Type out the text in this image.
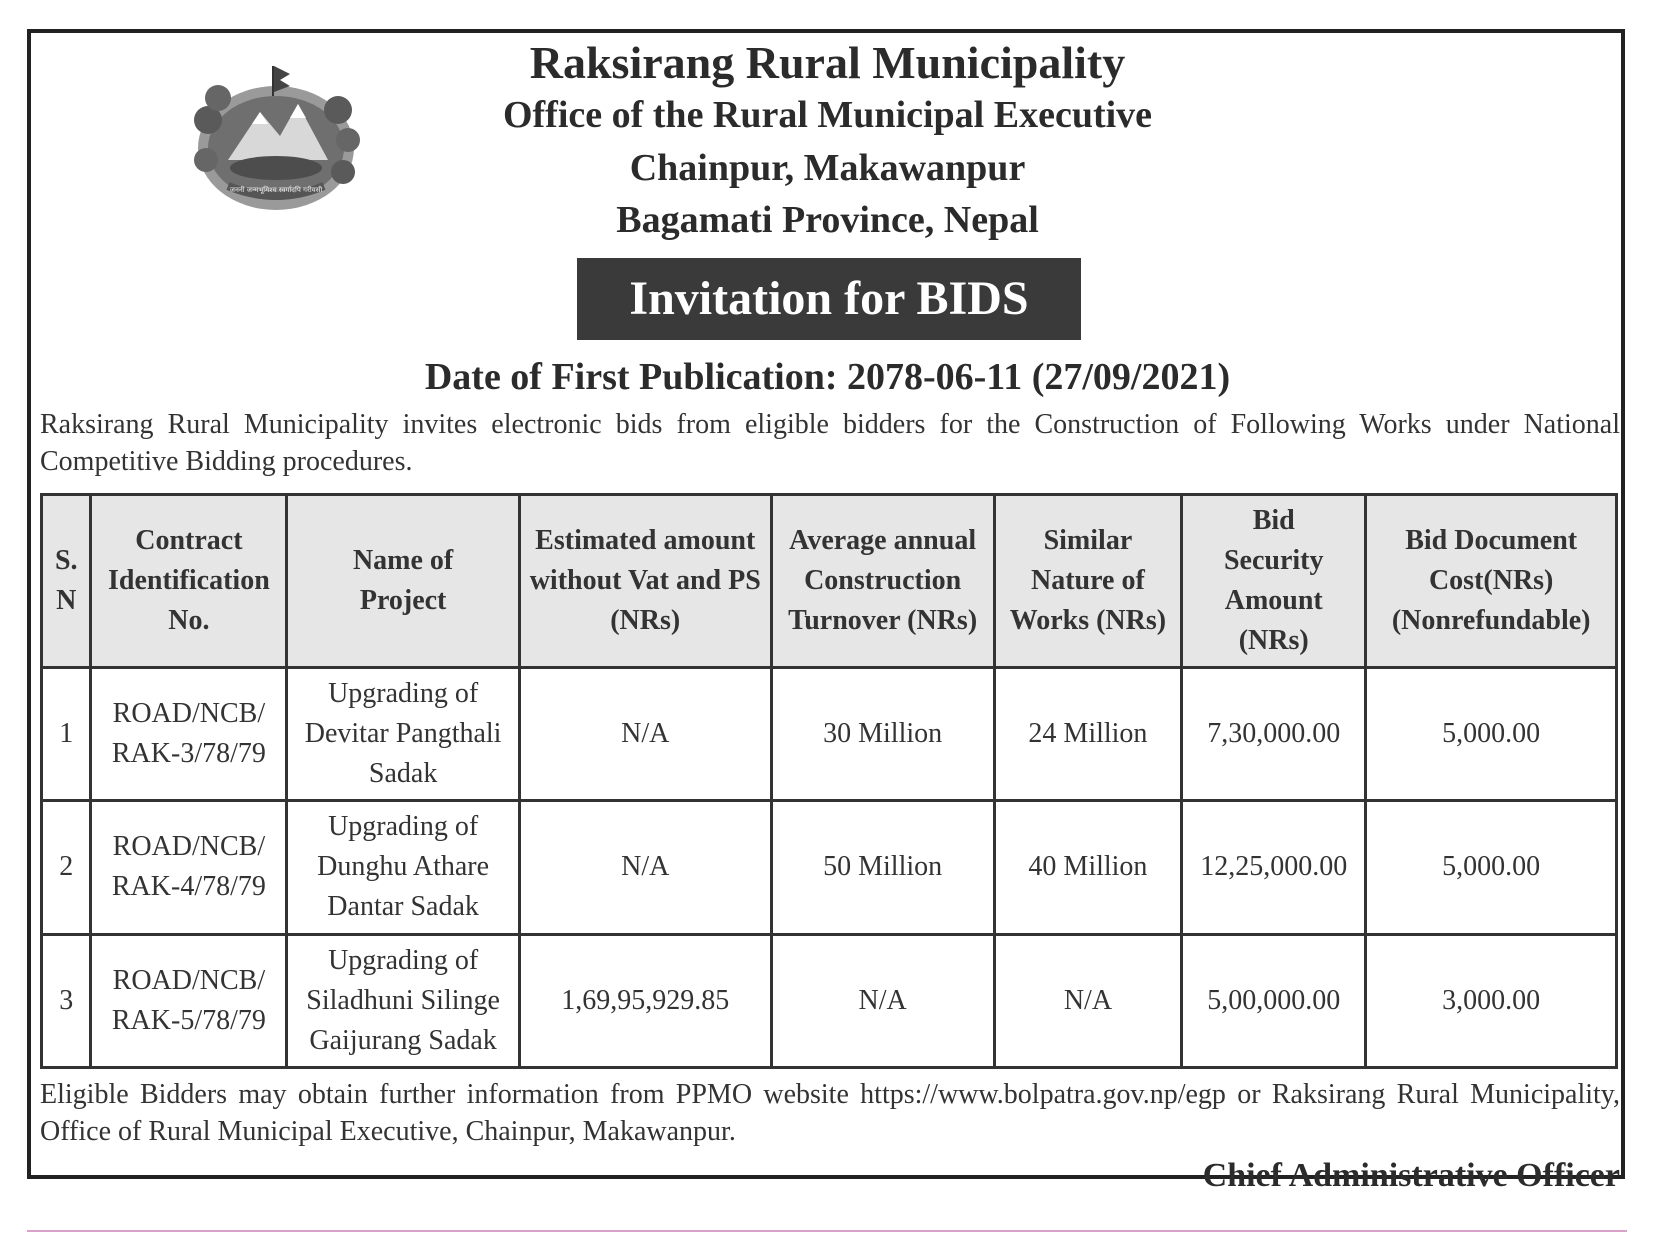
जननी जन्मभूमिश्च स्वर्गादपि गरीयसी
Raksirang Rural Municipality
Office of the Rural Municipal Executive
Chainpur, Makawanpur
Bagamati Province, Nepal
Invitation for BIDS
Date of First Publication: 2078-06-11 (27/09/2021)
Raksirang Rural Municipality invites electronic bids from eligible bidders for the Construction of Following Works under National Competitive Bidding procedures.
S. N	Contract Identification No.	Name of Project	Estimated amount without Vat and PS (NRs)	Average annual Construction Turnover (NRs)	Similar Nature of Works (NRs)	Bid Security Amount (NRs)	Bid Document Cost(NRs) (Nonrefundable)

1	ROAD/NCB/ RAK-3/78/79	Upgrading of Devitar Pangthali Sadak	N/A	30 Million	24 Million	7,30,000.00	5,000.00
2	ROAD/NCB/ RAK-4/78/79	Upgrading of Dunghu Athare Dantar Sadak	N/A	50 Million	40 Million	12,25,000.00	5,000.00
3	ROAD/NCB/ RAK-5/78/79	Upgrading of Siladhuni Silinge Gaijurang Sadak	1,69,95,929.85	N/A	N/A	5,00,000.00	3,000.00
Eligible Bidders may obtain further information from PPMO website https://www.bolpatra.gov.np/egp or Raksirang Rural Municipality, Office of Rural Municipal Executive, Chainpur, Makawanpur.
Chief Administrative Officer
